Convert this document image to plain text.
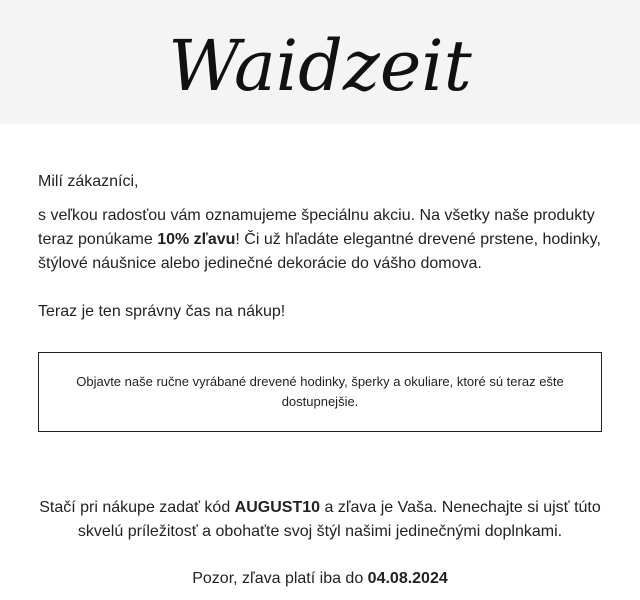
Waidzeit

Milí zákazníci,

s veľkou radosťou vám oznamujeme špeciálnu akciu. Na všetky naše produkty teraz ponúkame 10% zľavu! Či už hľadáte elegantné drevené prstene, hodinky, štýlové náušnice alebo jedinečné dekorácie do vášho domova.

Teraz je ten správny čas na nákup!

Objavte naše ručne vyrábané drevené hodinky, šperky a okuliare, ktoré sú teraz ešte dostupnejšie.
Stačí pri nákupe zadať kód AUGUST10 a zľava je Vaša. Nenechajte si ujsť túto skvelú príležitosť a obohaťte svoj štýl našimi jedinečnými doplnkami.
Pozor, zľava platí iba do 04.08.2024
